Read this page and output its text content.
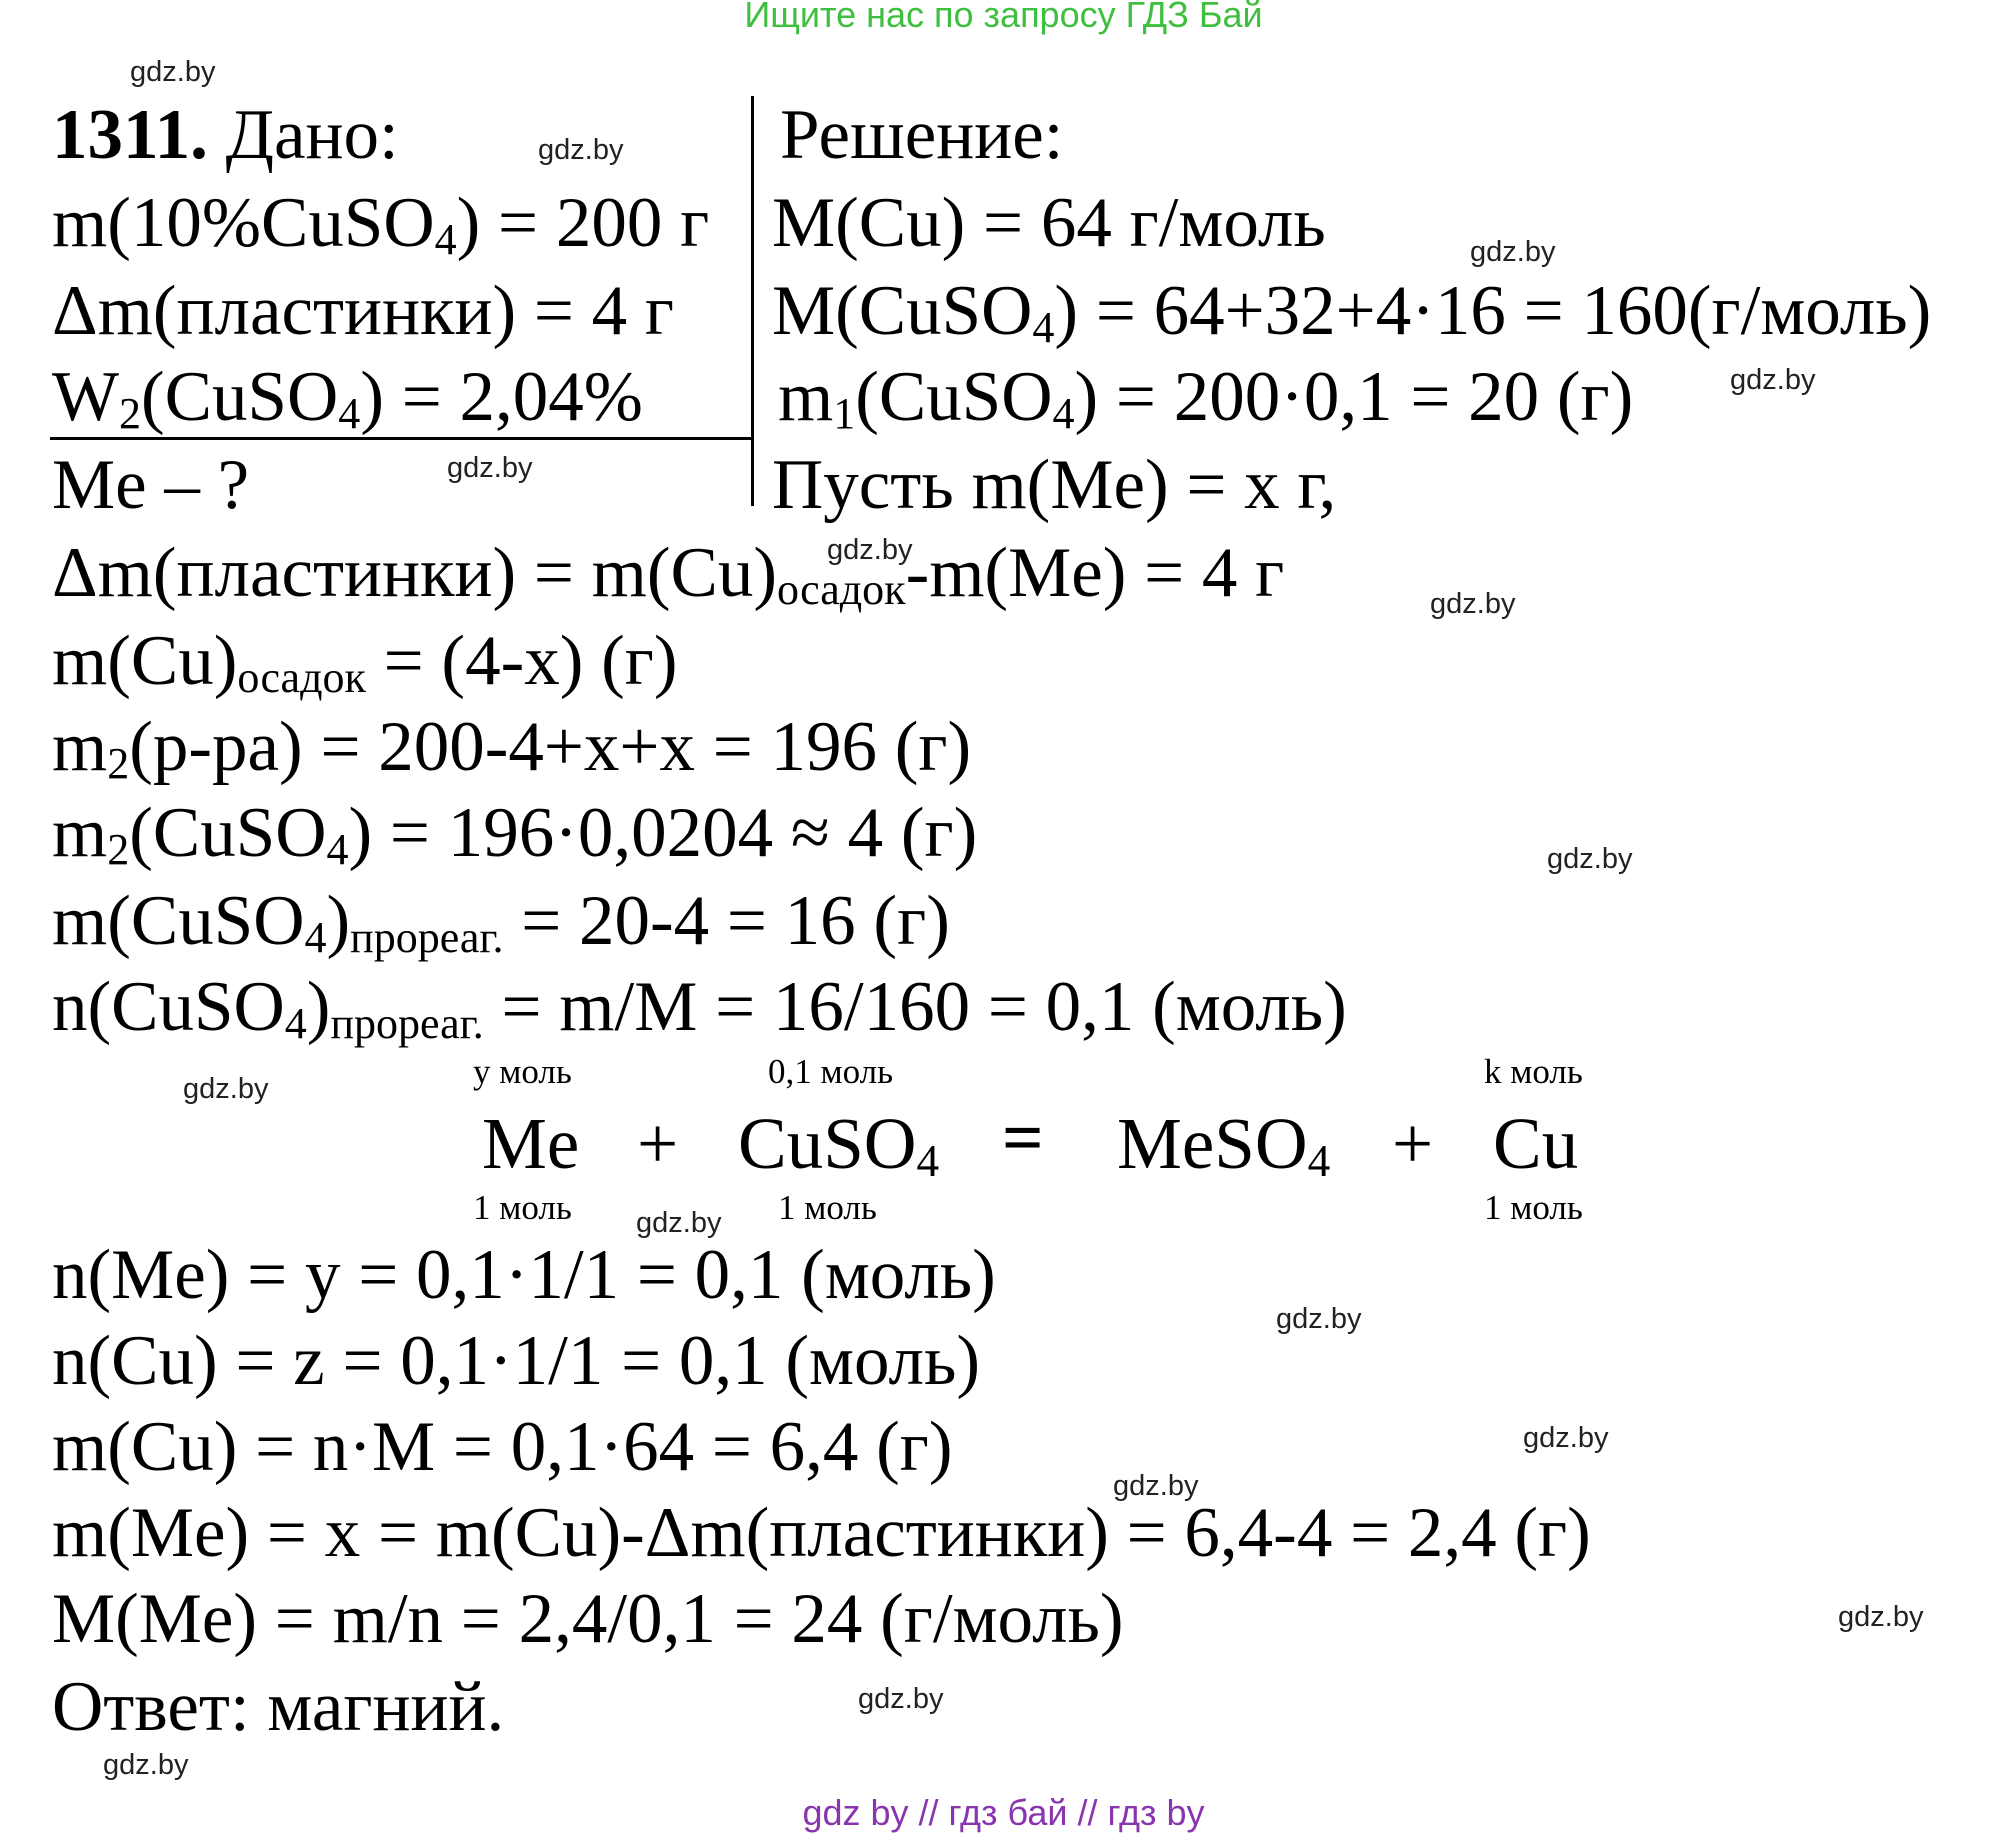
Ищите нас по запросу ГДЗ Бай
gdz.by
gdz.by
gdz.by
gdz.by
gdz.by
gdz.by
gdz.by
gdz.by
gdz.by
gdz.by
gdz.by
gdz.by
gdz.by
gdz.by
gdz.by
gdz.by
1311. Дано:	Решение:
m(10%CuSO$_4$) = 200 г
Δm(пластинки) = 4 г
$W_2(CuSO_4) = 2,04\%$
Me – ?
M(Cu) = 64 г/моль
M(CuSO$_4$) = 64+32+4·16 = 160(г/моль)
$m_1(CuSO_4) = 200\cdot 0,1 = 20$ (г)
Пусть m(Me) = x г,
Δm(пластинки) = $m(Cu)_{осадок}-m(Me) = 4$ г
$m(Cu)_{осадок} = (4-x)$ (г)
$m_2(р-ра) = 200-4+x+x = 196$ (г)
$m_2(CuSO_4) = 196\cdot 0,0204 \approx 4$ (г)
$m(CuSO_4)_{прореаг.} = 20-4 = 16$ (г)
$n(CuSO_4)_{прореаг.} = m/M = 16/160 = 0,1$ (моль)
y моль	0,1 моль	k моль
Me + CuSO$_4$ = MeSO$_4$ + Cu
1 моль	1 моль	1 моль
n(Me) = y = 0,1·1/1 = 0,1 (моль)
n(Cu) = z = 0,1·1/1 = 0,1 (моль)
m(Cu) = n·M = 0,1·64 = 6,4 (г)
m(Me) = x = m(Cu)-Δm(пластинки) = 6,4-4 = 2,4 (г)
M(Me) = m/n = 2,4/0,1 = 24 (г/моль)
Ответ: магний.
gdz by // гдз бай // гдз by
